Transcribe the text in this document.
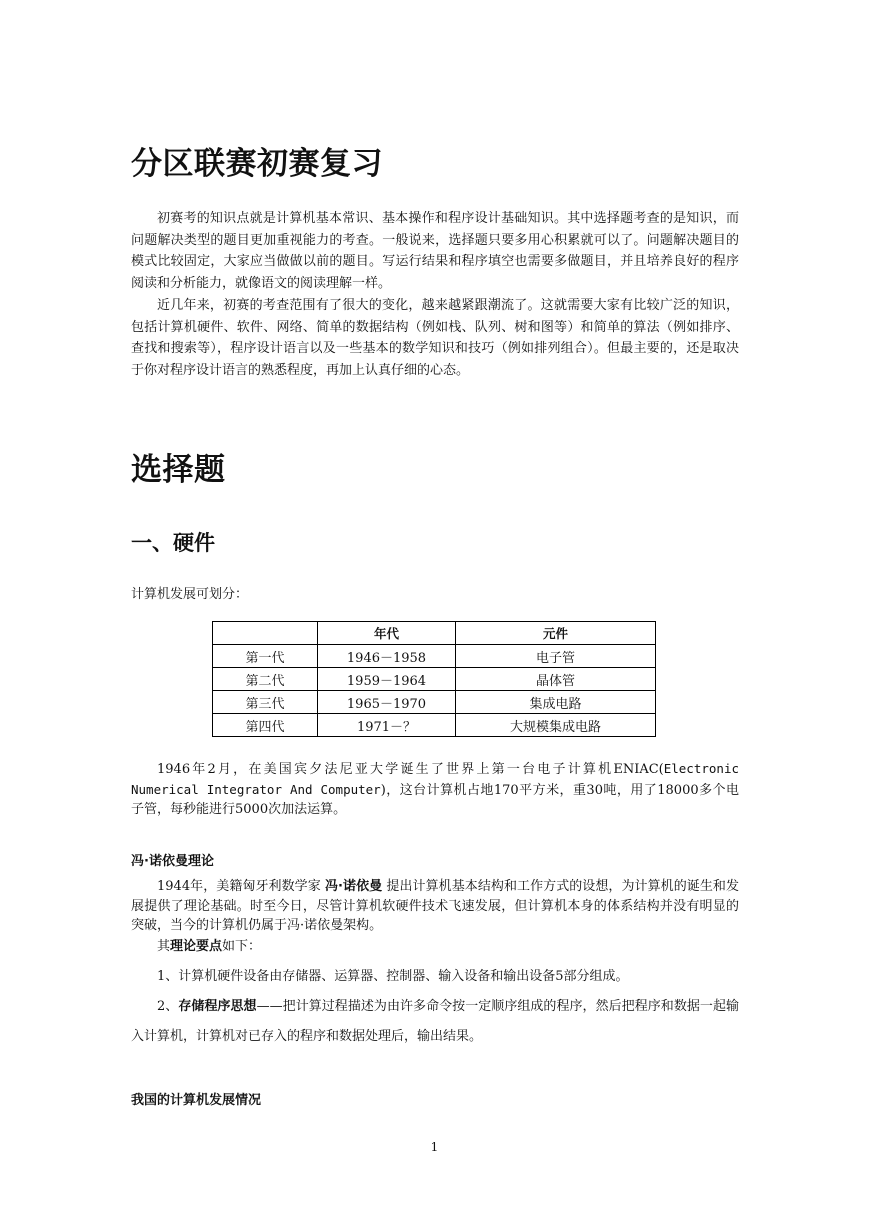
分区联赛初赛复习

初赛考的知识点就是计算机基本常识、基本操作和程序设计基础知识。其中选择题考查的是知识，而问题解决类型的题目更加重视能力的考查。一般说来，选择题只要多用心积累就可以了。问题解决题目的模式比较固定，大家应当做做以前的题目。写运行结果和程序填空也需要多做题目，并且培养良好的程序阅读和分析能力，就像语文的阅读理解一样。

近几年来，初赛的考查范围有了很大的变化，越来越紧跟潮流了。这就需要大家有比较广泛的知识，包括计算机硬件、软件、网络、简单的数据结构（例如栈、队列、树和图等）和简单的算法（例如排序、查找和搜索等），程序设计语言以及一些基本的数学知识和技巧（例如排列组合）。但最主要的，还是取决于你对程序设计语言的熟悉程度，再加上认真仔细的心态。

选择题
一、硬件

计算机发展可划分：

	年代	元件
第一代	1946－1958	电子管
第二代	1959－1964	晶体管
第三代	1965－1970	集成电路
第四代	1971－？	大规模集成电路

1946年2月，在美国宾夕法尼亚大学诞生了世界上第一台电子计算机ENIAC(Electronic Numerical Integrator And Computer)，这台计算机占地170平方米，重30吨，用了18000多个电子管，每秒能进行5000次加法运算。

冯·诺依曼理论

1944年，美籍匈牙利数学家 冯·诺依曼 提出计算机基本结构和工作方式的设想，为计算机的诞生和发展提供了理论基础。时至今日，尽管计算机软硬件技术飞速发展，但计算机本身的体系结构并没有明显的突破，当今的计算机仍属于冯·诺依曼架构。

其理论要点如下：

1、计算机硬件设备由存储器、运算器、控制器、输入设备和输出设备5部分组成。

2、存储程序思想——把计算过程描述为由许多命令按一定顺序组成的程序，然后把程序和数据一起输入计算机，计算机对已存入的程序和数据处理后，输出结果。

我国的计算机发展情况
1
